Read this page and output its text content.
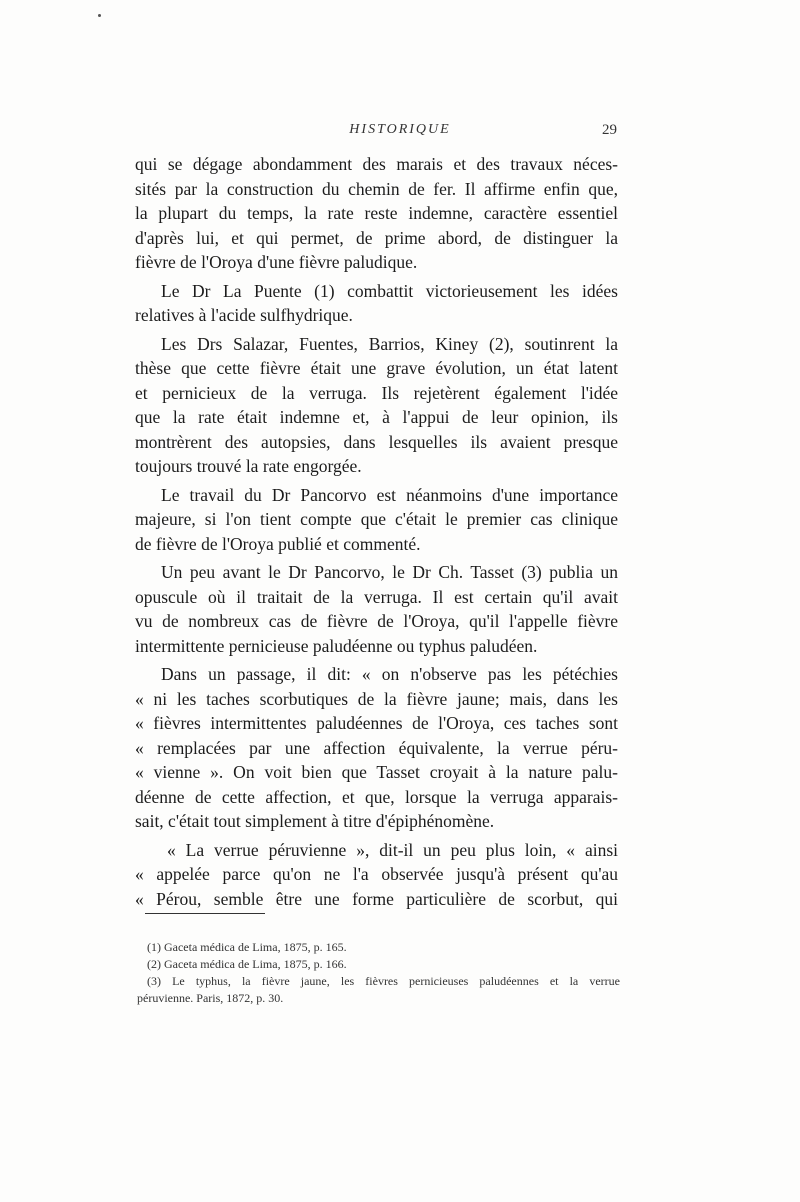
HISTORIQUE	29
qui se dégage abondamment des marais et des travaux néces-
sités par la construction du chemin de fer. Il affirme enfin que,
la plupart du temps, la rate reste indemne, caractère essentiel
d'après lui, et qui permet, de prime abord, de distinguer la
fièvre de l'Oroya d'une fièvre paludique.
Le Dr La Puente (1) combattit victorieusement les idées
relatives à l'acide sulfhydrique.
Les Drs Salazar, Fuentes, Barrios, Kiney (2), soutinrent la
thèse que cette fièvre était une grave évolution, un état latent
et pernicieux de la verruga. Ils rejetèrent également l'idée
que la rate était indemne et, à l'appui de leur opinion, ils
montrèrent des autopsies, dans lesquelles ils avaient presque
toujours trouvé la rate engorgée.
Le travail du Dr Pancorvo est néanmoins d'une importance
majeure, si l'on tient compte que c'était le premier cas clinique
de fièvre de l'Oroya publié et commenté.
Un peu avant le Dr Pancorvo, le Dr Ch. Tasset (3) publia un
opuscule où il traitait de la verruga. Il est certain qu'il avait
vu de nombreux cas de fièvre de l'Oroya, qu'il l'appelle fièvre
intermittente pernicieuse paludéenne ou typhus paludéen.
Dans un passage, il dit: « on n'observe pas les pétéchies
« ni les taches scorbutiques de la fièvre jaune; mais, dans les
« fièvres intermittentes paludéennes de l'Oroya, ces taches sont
« remplacées par une affection équivalente, la verrue péru-
« vienne ». On voit bien que Tasset croyait à la nature palu-
déenne de cette affection, et que, lorsque la verruga apparais-
sait, c'était tout simplement à titre d'épiphénomène.
« La verrue péruvienne », dit-il un peu plus loin, « ainsi
« appelée parce qu'on ne l'a observée jusqu'à présent qu'au
« Pérou, semble être une forme particulière de scorbut, qui
(1) Gaceta médica de Lima, 1875, p. 165.
(2) Gaceta médica de Lima, 1875, p. 166.
(3) Le typhus, la fièvre jaune, les fièvres pernicieuses paludéennes et la verrue
péruvienne. Paris, 1872, p. 30.
